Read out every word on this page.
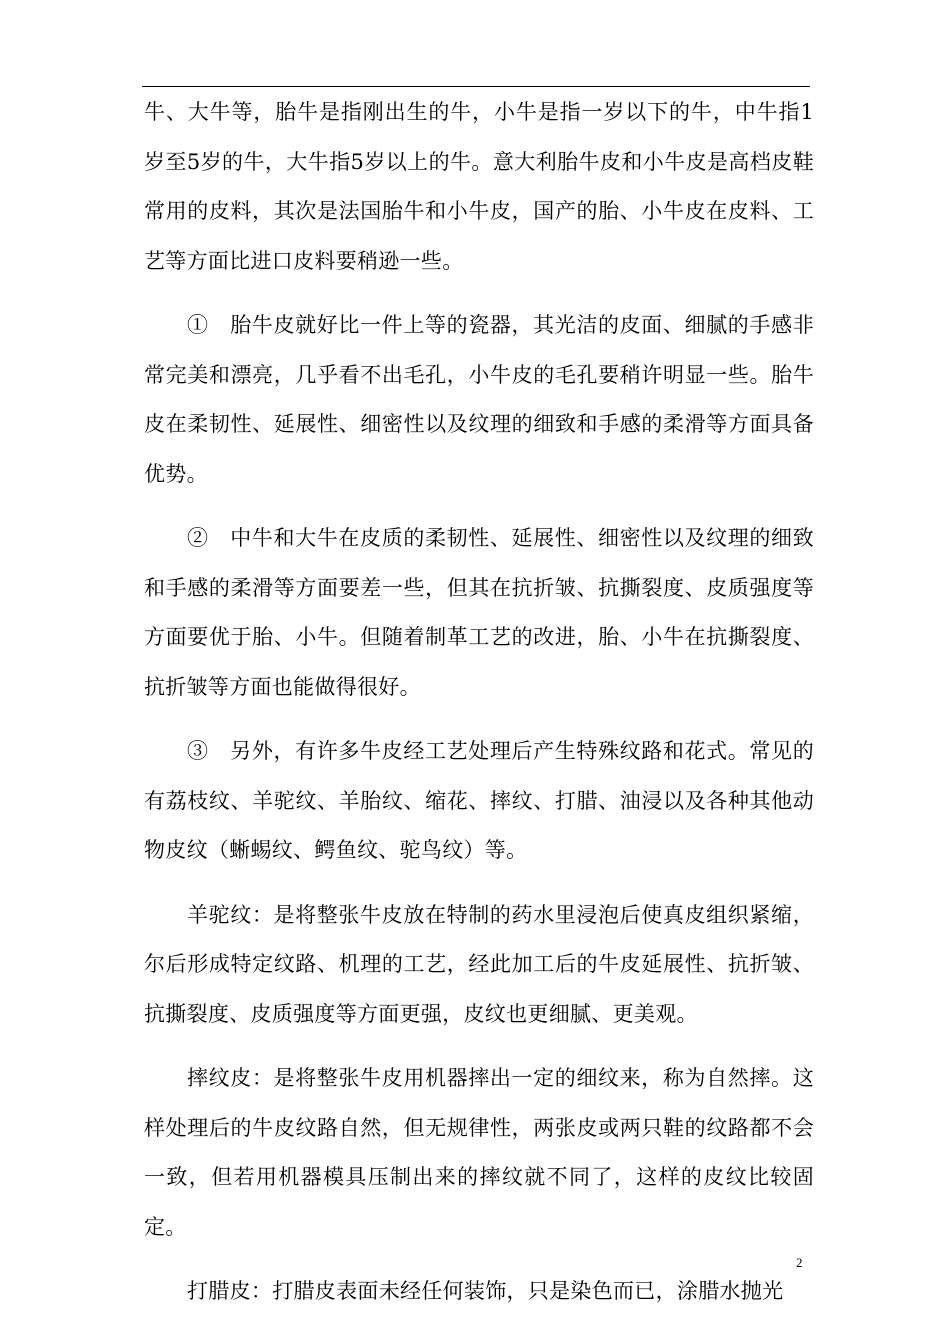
牛、大牛等，胎牛是指刚出生的牛，小牛是指一岁以下的牛，中牛指1岁至5岁的牛，大牛指5岁以上的牛。意大利胎牛皮和小牛皮是高档皮鞋常用的皮料，其次是法国胎牛和小牛皮，国产的胎、小牛皮在皮料、工艺等方面比进口皮料要稍逊一些。

①　胎牛皮就好比一件上等的瓷器，其光洁的皮面、细腻的手感非常完美和漂亮，几乎看不出毛孔，小牛皮的毛孔要稍许明显一些。胎牛皮在柔韧性、延展性、细密性以及纹理的细致和手感的柔滑等方面具备优势。

②　中牛和大牛在皮质的柔韧性、延展性、细密性以及纹理的细致和手感的柔滑等方面要差一些，但其在抗折皱、抗撕裂度、皮质强度等方面要优于胎、小牛。但随着制革工艺的改进，胎、小牛在抗撕裂度、抗折皱等方面也能做得很好。

③　另外，有许多牛皮经工艺处理后产生特殊纹路和花式。常见的有荔枝纹、羊驼纹、羊胎纹、缩花、摔纹、打腊、油浸以及各种其他动物皮纹（蜥蜴纹、鳄鱼纹、驼鸟纹）等。

羊驼纹：是将整张牛皮放在特制的药水里浸泡后使真皮组织紧缩，尔后形成特定纹路、机理的工艺，经此加工后的牛皮延展性、抗折皱、抗撕裂度、皮质强度等方面更强，皮纹也更细腻、更美观。

摔纹皮：是将整张牛皮用机器摔出一定的细纹来，称为自然摔。这样处理后的牛皮纹路自然，但无规律性，两张皮或两只鞋的纹路都不会一致，但若用机器模具压制出来的摔纹就不同了，这样的皮纹比较固定。

打腊皮：打腊皮表面未经任何装饰，只是染色而已，涂腊水抛光

2
